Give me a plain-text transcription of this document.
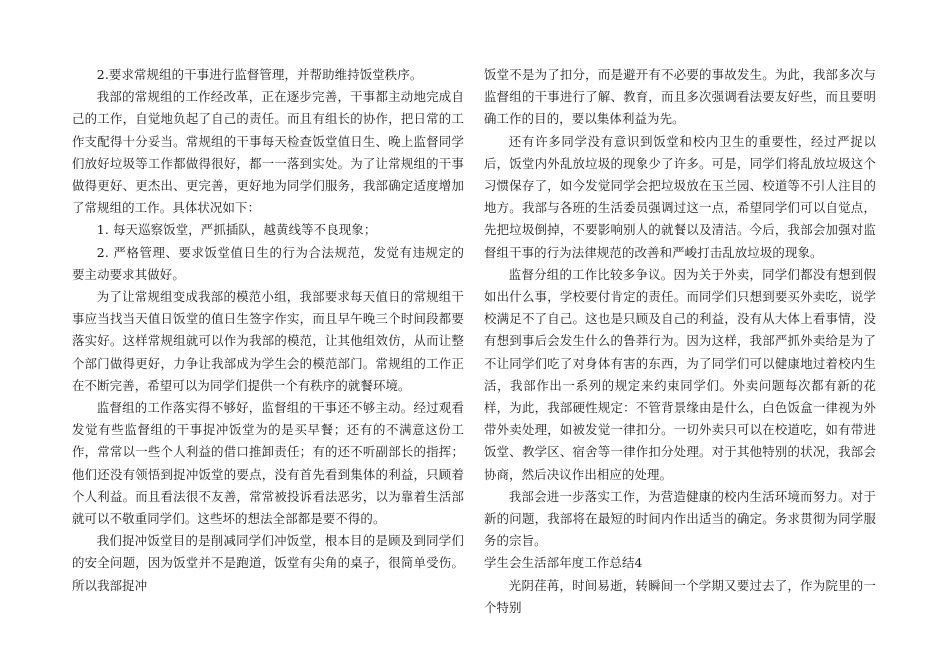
2.要求常规组的干事进行监督管理，并帮助维持饭堂秩序。

我部的常规组的工作经改革，正在逐步完善，干事都主动地完成自己的工作，自觉地负起了自己的责任。而且有组长的协作，把日常的工作支配得十分妥当。常规组的干事每天检查饭堂值日生、晚上监督同学们放好垃圾等工作都做得很好，都一一落到实处。为了让常规组的干事做得更好、更杰出、更完善，更好地为同学们服务，我部确定适度增加了常规组的工作。具体状况如下：

1. 每天巡察饭堂，严抓插队，越黄线等不良现象；

2. 严格管理、要求饭堂值日生的行为合法规范，发觉有违规定的要主动要求其做好。

为了让常规组变成我部的模范小组，我部要求每天值日的常规组干事应当找当天值日饭堂的值日生签字作实，而且早午晚三个时间段都要落实好。这样常规组就可以作为我部的模范，让其他组效仿，从而让整个部门做得更好，力争让我部成为学生会的模范部门。常规组的工作正在不断完善，希望可以为同学们提供一个有秩序的就餐环境。

监督组的工作落实得不够好，监督组的干事还不够主动。经过观看发觉有些监督组的干事捉冲饭堂为的是买早餐；还有的不满意这份工作，常常以一些个人利益的借口推卸责任；有的还不听副部长的指挥；他们还没有领悟到捉冲饭堂的要点，没有首先看到集体的利益，只顾着个人利益。而且看法很不友善，常常被投诉看法恶劣，以为靠着生活部就可以不敬重同学们。这些坏的想法全部都是要不得的。

我们捉冲饭堂目的是削减同学们冲饭堂，根本目的是顾及到同学们的安全问题，因为饭堂并不是跑道，饭堂有尖角的桌子，很简单受伤。所以我部捉冲

饭堂不是为了扣分，而是避开有不必要的事故发生。为此，我部多次与监督组的干事进行了解、教育，而且多次强调看法要友好些，而且要明确工作的目的，要以集体利益为先。

还有许多同学没有意识到饭堂和校内卫生的重要性，经过严捉以后，饭堂内外乱放垃圾的现象少了许多。可是，同学们将乱放垃圾这个习惯保存了，如今发觉同学会把垃圾放在玉兰园、校道等不引人注目的地方。我部与各班的生活委员强调过这一点，希望同学们可以自觉点，先把垃圾倒掉，不要影响别人的就餐以及清洁。今后，我部会加强对监督组干事的行为法律规范的改善和严峻打击乱放垃圾的现象。

监督分组的工作比较多争议。因为关于外卖，同学们都没有想到假如出什么事，学校要付肯定的责任。而同学们只想到要买外卖吃，说学校满足不了自己。这也是只顾及自己的利益，没有从大体上看事情，没有想到事后会发生什么的鲁莽行为。因为这样，我部严抓外卖给是为了不让同学们吃了对身体有害的东西，为了同学们可以健康地过着校内生活，我部作出一系列的规定来约束同学们。外卖问题每次都有新的花样，为此，我部硬性规定：不管背景缘由是什么，白色饭盒一律视为外带外卖处理，如被发觉一律扣分。一切外卖只可以在校道吃，如有带进饭堂、教学区、宿舍等一律作扣分处理。对于其他特别的状况，我部会协商，然后决议作出相应的处理。

我部会进一步落实工作，为营造健康的校内生活环境而努力。对于新的问题，我部将在最短的时间内作出适当的确定。务求贯彻为同学服务的宗旨。

学生会生活部年度工作总结4

光阴荏苒，时间易逝，转瞬间一个学期又要过去了，作为院里的一个特别
